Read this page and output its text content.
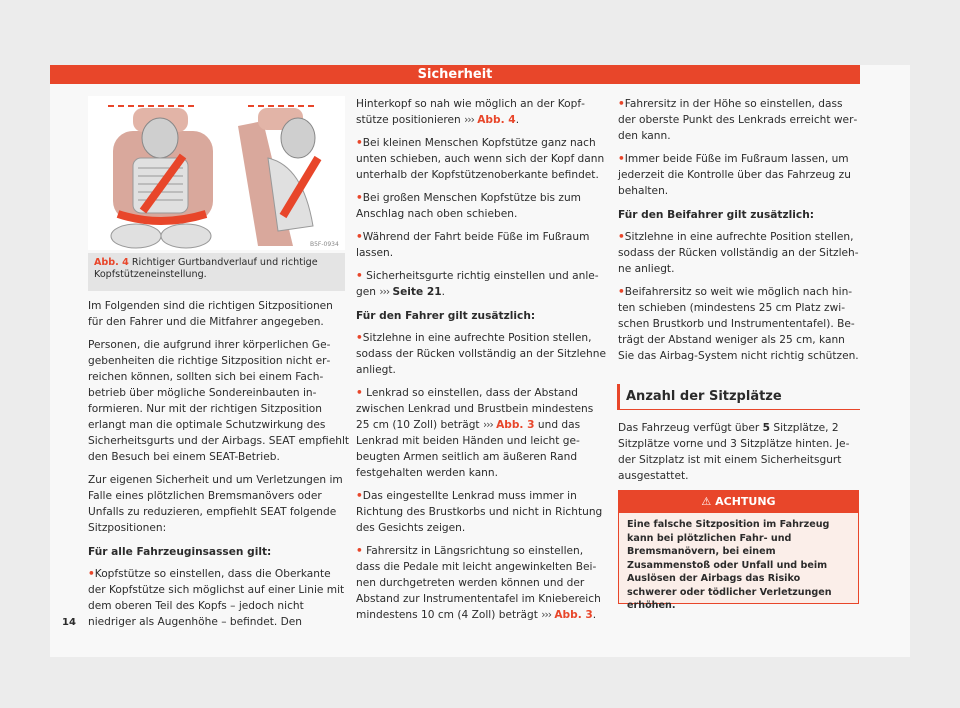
Sicherheit
B5F-0934
Abb. 4 Richtiger Gurtbandverlauf und richtige Kopfstützeneinstellung.

Im Folgenden sind die richtigen Sitzpositionen für den Fahrer und die Mitfahrer angegeben.

Personen, die aufgrund ihrer körperlichen Gegebenheiten die richtige Sitzposition nicht erreichen können, sollten sich bei einem Fachbetrieb über mögliche Sondereinbauten informieren. Nur mit der richtigen Sitzposition erlangt man die optimale Schutzwirkung des Sicherheitsgurts und der Airbags. SEAT empfiehlt den Besuch bei einem SEAT-Betrieb.

Zur eigenen Sicherheit und um Verletzungen im Falle eines plötzlichen Bremsmanövers oder Unfalls zu reduzieren, empfiehlt SEAT folgende Sitzpositionen:

Für alle Fahrzeuginsassen gilt:

• Kopfstütze so einstellen, dass die Oberkante der Kopfstütze sich möglichst auf einer Linie mit dem oberen Teil des Kopfs – jedoch nicht niedriger als Augenhöhe – befindet. Den

Hinterkopf so nah wie möglich an der Kopfstütze positionieren ››› Abb. 4.

• Bei kleinen Menschen Kopfstütze ganz nach unten schieben, auch wenn sich der Kopf dann unterhalb der Kopfstützenoberkante befindet.

• Bei großen Menschen Kopfstütze bis zum Anschlag nach oben schieben.

• Während der Fahrt beide Füße im Fußraum lassen.

• Sicherheitsgurte richtig einstellen und anlegen ››› Seite 21.

Für den Fahrer gilt zusätzlich:

• Sitzlehne in eine aufrechte Position stellen, sodass der Rücken vollständig an der Sitzlehne anliegt.

• Lenkrad so einstellen, dass der Abstand zwischen Lenkrad und Brustbein mindestens 25 cm (10 Zoll) beträgt ››› Abb. 3 und das Lenkrad mit beiden Händen und leicht gebeugten Armen seitlich am äußeren Rand festgehalten werden kann.

• Das eingestellte Lenkrad muss immer in Richtung des Brustkorbs und nicht in Richtung des Gesichts zeigen.

• Fahrersitz in Längsrichtung so einstellen, dass die Pedale mit leicht angewinkelten Beinen durchgetreten werden können und der Abstand zur Instrumententafel im Kniebereich mindestens 10 cm (4 Zoll) beträgt ››› Abb. 3.

• Fahrersitz in der Höhe so einstellen, dass der oberste Punkt des Lenkrads erreicht werden kann.

• Immer beide Füße im Fußraum lassen, um jederzeit die Kontrolle über das Fahrzeug zu behalten.

Für den Beifahrer gilt zusätzlich:

• Sitzlehne in eine aufrechte Position stellen, sodass der Rücken vollständig an der Sitzlehne anliegt.

• Beifahrersitz so weit wie möglich nach hinten schieben (mindestens 25 cm Platz zwischen Brustkorb und Instrumententafel). Beträgt der Abstand weniger als 25 cm, kann Sie das Airbag-System nicht richtig schützen.

Anzahl der Sitzplätze

Das Fahrzeug verfügt über 5 Sitzplätze, 2 Sitzplätze vorne und 3 Sitzplätze hinten. Jeder Sitzplatz ist mit einem Sicherheitsgurt ausgestattet.

⚠ ACHTUNG
Eine falsche Sitzposition im Fahrzeug kann bei plötzlichen Fahr- und Bremsmanövern, bei einem Zusammenstoß oder Unfall und beim Auslösen der Airbags das Risiko schwerer oder tödlicher Verletzungen erhöhen.
14
